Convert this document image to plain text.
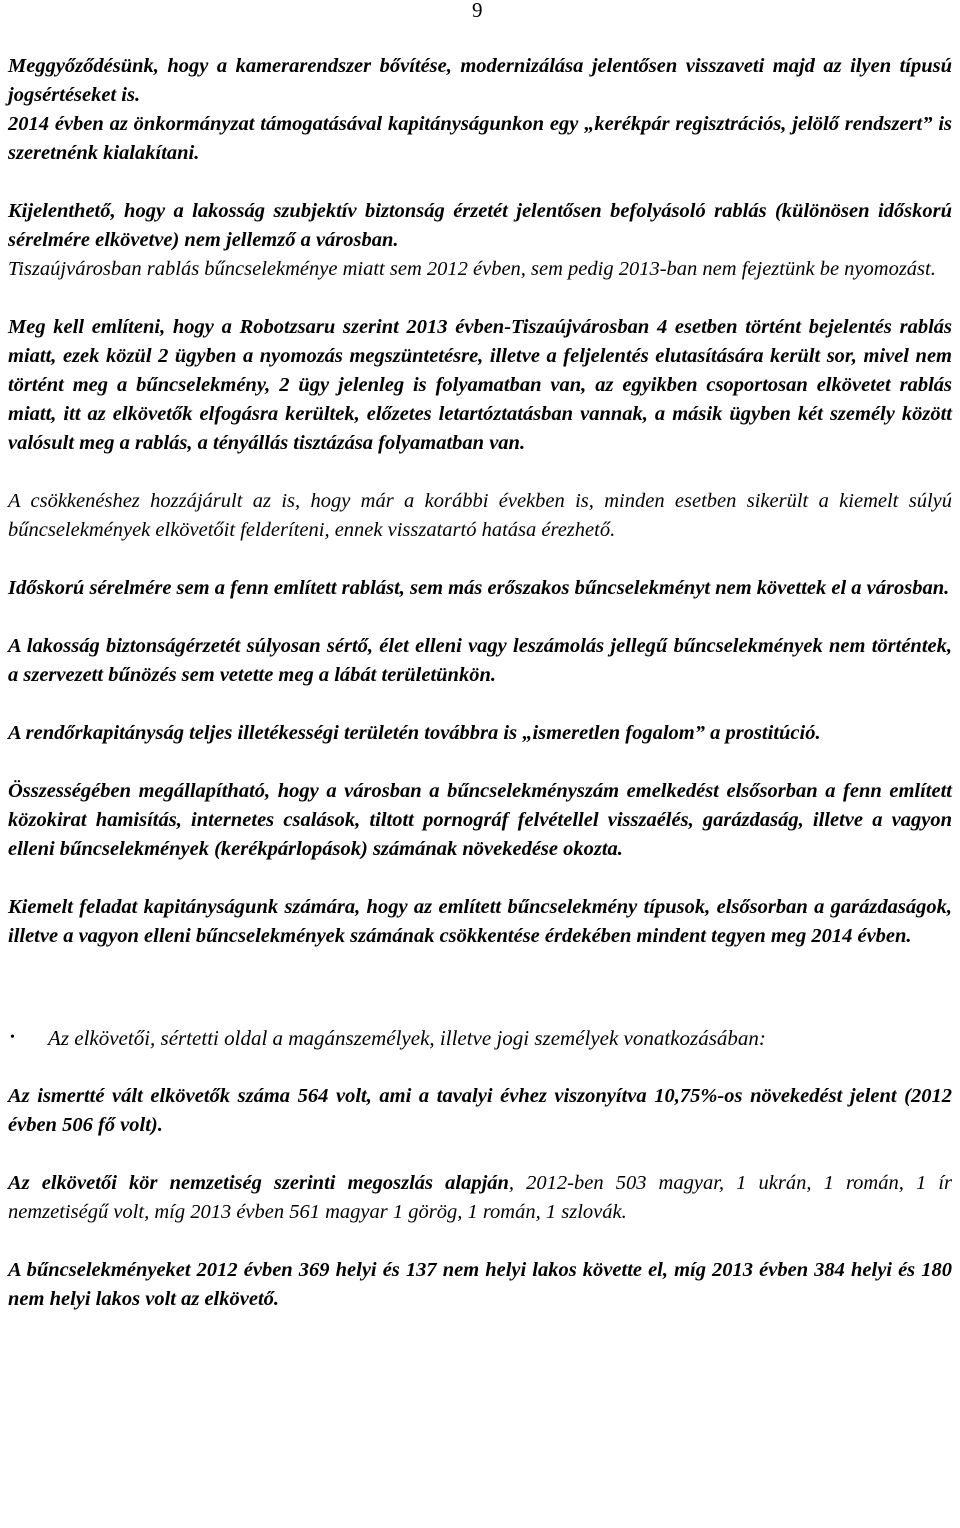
9

Meggyőződésünk, hogy a kamerarendszer bővítése, modernizálása jelentősen visszaveti majd az ilyen típusú jogsértéseket is.
2014 évben az önkormányzat támogatásával kapitányságunkon egy „kerékpár regisztrációs, jelölő rendszert” is szeretnénk kialakítani.

Kijelenthető, hogy a lakosság szubjektív biztonság érzetét jelentősen befolyásoló rablás (különösen időskorú sérelmére elkövetve) nem jellemző a városban.
Tiszaújvárosban rablás bűncselekménye miatt sem 2012 évben, sem pedig 2013-ban nem fejeztünk be nyomozást.

Meg kell említeni, hogy a Robotzsaru szerint 2013 évben-Tiszaújvárosban 4 esetben történt bejelentés rablás miatt, ezek közül 2 ügyben a nyomozás megszüntetésre, illetve a feljelentés elutasítására került sor, mivel nem történt meg a bűncselekmény, 2 ügy jelenleg is folyamatban van, az egyikben csoportosan elkövetet rablás miatt, itt az elkövetők elfogásra kerültek, előzetes letartóztatásban vannak, a másik ügyben két személy között valósult meg a rablás, a tényállás tisztázása folyamatban van.

A csökkenéshez hozzájárult az is, hogy már a korábbi években is, minden esetben sikerült a kiemelt súlyú bűncselekmények elkövetőit felderíteni, ennek visszatartó hatása érezhető.

Időskorú sérelmére sem a fenn említett rablást, sem más erőszakos bűncselekményt nem követtek el a városban.

A lakosság biztonságérzetét súlyosan sértő, élet elleni vagy leszámolás jellegű bűncselekmények nem történtek, a szervezett bűnözés sem vetette meg a lábát területünkön.

A rendőrkapitányság teljes illetékességi területén továbbra is „ismeretlen fogalom” a prostitúció.

Összességében megállapítható, hogy a városban a bűncselekményszám emelkedést elsősorban a fenn említett közokirat hamisítás, internetes csalások, tiltott pornográf felvétellel visszaélés, garázdaság, illetve a vagyon elleni bűncselekmények (kerékpárlopások) számának növekedése okozta.

Kiemelt feladat kapitányságunk számára, hogy az említett bűncselekmény típusok, elsősorban a garázdaságok, illetve a vagyon elleni bűncselekmények számának csökkentése érdekében mindent tegyen meg 2014 évben.

•	Az elkövetői, sértetti oldal a magánszemélyek, illetve jogi személyek vonatkozásában:

Az ismertté vált elkövetők száma 564 volt, ami a tavalyi évhez viszonyítva 10,75%-os növekedést jelent (2012 évben 506 fő volt).

Az elkövetői kör nemzetiség szerinti megoszlás alapján, 2012-ben 503 magyar, 1 ukrán, 1 román, 1 ír nemzetiségű volt, míg 2013 évben 561 magyar 1 görög, 1 román, 1 szlovák.

A bűncselekményeket 2012 évben 369 helyi és 137 nem helyi lakos követte el, míg 2013 évben 384 helyi és 180 nem helyi lakos volt az elkövető.
